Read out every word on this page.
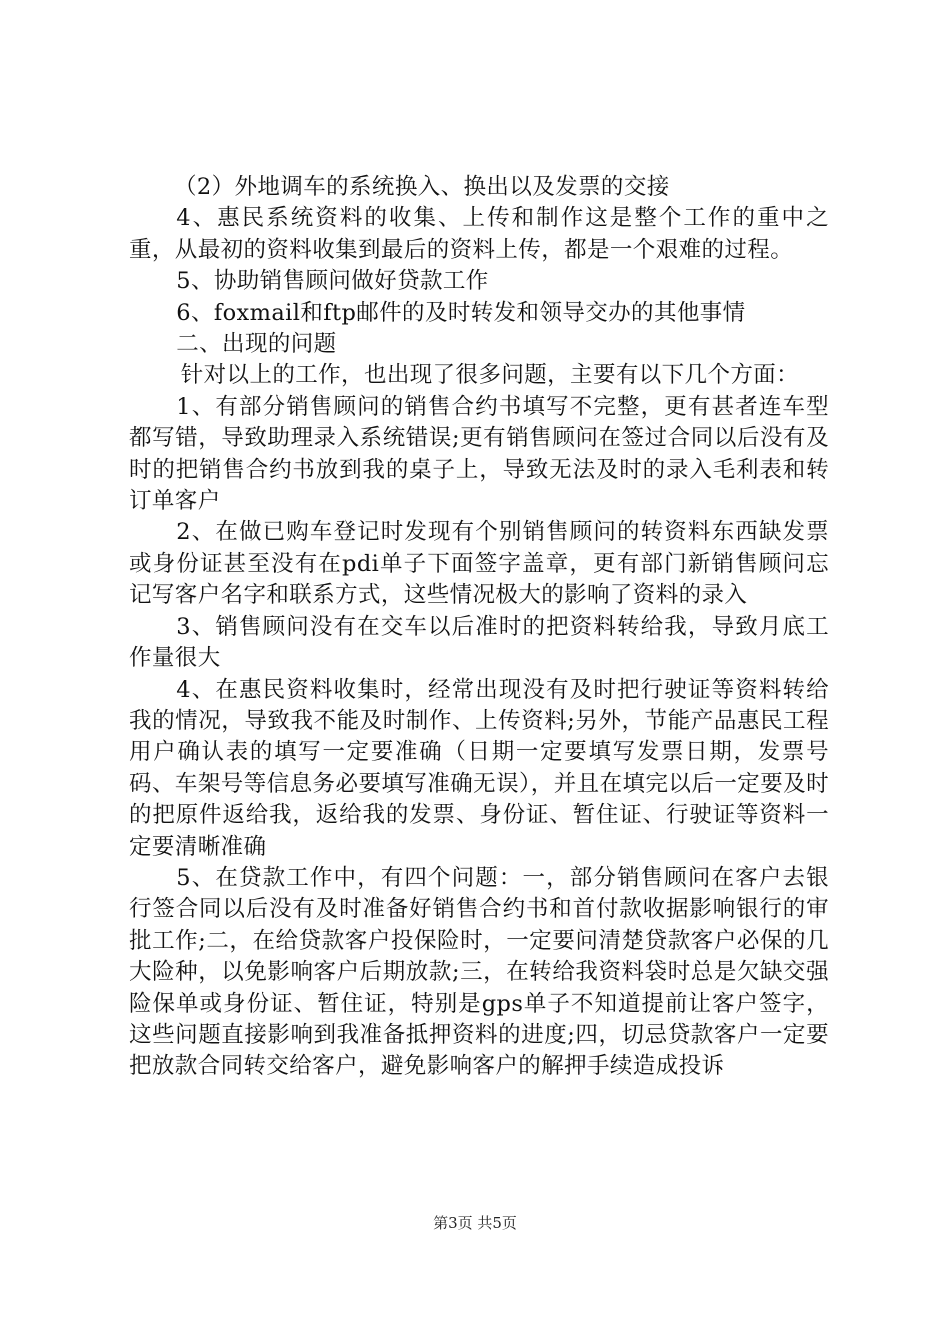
（2）外地调车的系统换入、换出以及发票的交接

4、惠民系统资料的收集、上传和制作这是整个工作的重中之重，从最初的资料收集到最后的资料上传，都是一个艰难的过程。

5、协助销售顾问做好贷款工作

6、foxmail和ftp邮件的及时转发和领导交办的其他事情

二、出现的问题

针对以上的工作，也出现了很多问题，主要有以下几个方面：

1、有部分销售顾问的销售合约书填写不完整，更有甚者连车型都写错，导致助理录入系统错误;更有销售顾问在签过合同以后没有及时的把销售合约书放到我的桌子上，导致无法及时的录入毛利表和转订单客户

2、在做已购车登记时发现有个别销售顾问的转资料东西缺发票或身份证甚至没有在pdi单子下面签字盖章，更有部门新销售顾问忘记写客户名字和联系方式，这些情况极大的影响了资料的录入

3、销售顾问没有在交车以后准时的把资料转给我，导致月底工作量很大

4、在惠民资料收集时，经常出现没有及时把行驶证等资料转给我的情况，导致我不能及时制作、上传资料;另外，节能产品惠民工程用户确认表的填写一定要准确（日期一定要填写发票日期，发票号码、车架号等信息务必要填写准确无误），并且在填完以后一定要及时的把原件返给我，返给我的发票、身份证、暂住证、行驶证等资料一定要清晰准确

5、在贷款工作中，有四个问题：一，部分销售顾问在客户去银行签合同以后没有及时准备好销售合约书和首付款收据影响银行的审批工作;二，在给贷款客户投保险时，一定要问清楚贷款客户必保的几大险种，以免影响客户后期放款;三，在转给我资料袋时总是欠缺交强险保单或身份证、暂住证，特别是gps单子不知道提前让客户签字，这些问题直接影响到我准备抵押资料的进度;四，切忌贷款客户一定要把放款合同转交给客户，避免影响客户的解押手续造成投诉

第3页 共5页
